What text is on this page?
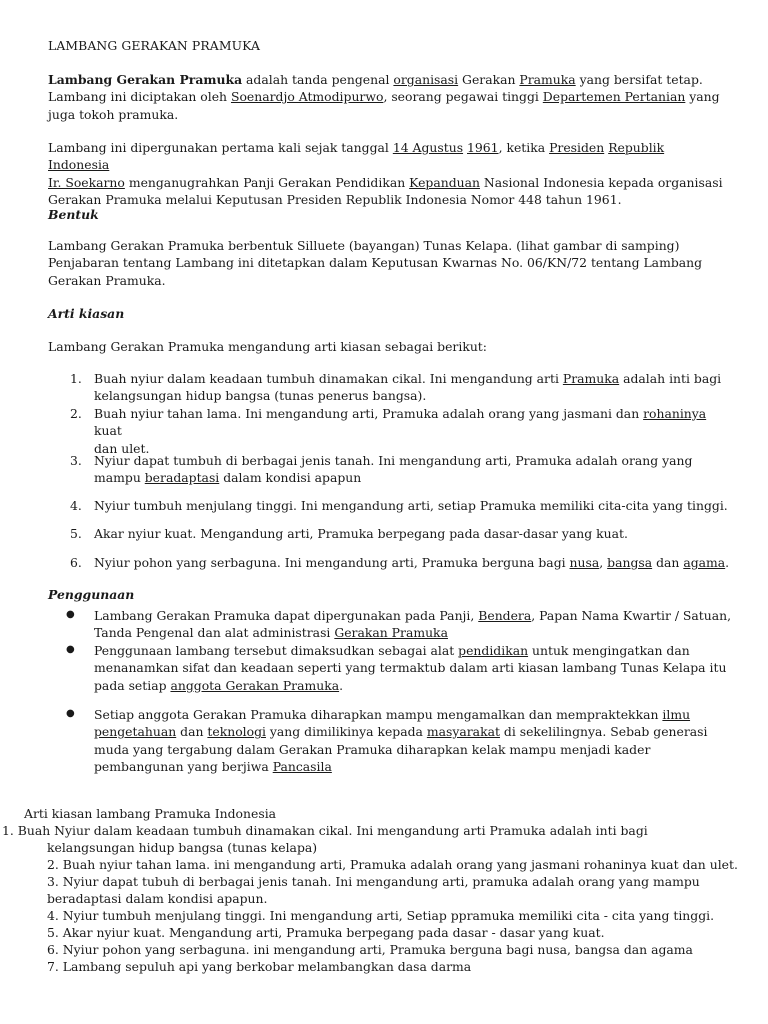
LAMBANG GERAKAN PRAMUKA
Lambang Gerakan Pramuka adalah tanda pengenal organisasi Gerakan Pramuka yang bersifat tetap.
Lambang ini diciptakan oleh Soenardjo Atmodipurwo, seorang pegawai tinggi Departemen Pertanian yang
juga tokoh pramuka.
Lambang ini dipergunakan pertama kali sejak tanggal 14 Agustus 1961, ketika Presiden Republik Indonesia
Ir. Soekarno menganugrahkan Panji Gerakan Pendidikan Kepanduan Nasional Indonesia kepada organisasi
Gerakan Pramuka melalui Keputusan Presiden Republik Indonesia Nomor 448 tahun 1961.
Bentuk
Lambang Gerakan Pramuka berbentuk Silluete (bayangan) Tunas Kelapa. (lihat gambar di samping)
Penjabaran tentang Lambang ini ditetapkan dalam Keputusan Kwarnas No. 06/KN/72 tentang Lambang
Gerakan Pramuka.
Arti kiasan
Lambang Gerakan Pramuka mengandung arti kiasan sebagai berikut:
1. Buah nyiur dalam keadaan tumbuh dinamakan cikal. Ini mengandung arti Pramuka adalah inti bagi
kelangsungan hidup bangsa (tunas penerus bangsa).
2. Buah nyiur tahan lama. Ini mengandung arti, Pramuka adalah orang yang jasmani dan rohaninya kuat
dan ulet.
3. Nyiur dapat tumbuh di berbagai jenis tanah. Ini mengandung arti, Pramuka adalah orang yang
mampu beradaptasi dalam kondisi apapun
4. Nyiur tumbuh menjulang tinggi. Ini mengandung arti, setiap Pramuka memiliki cita-cita yang tinggi.
5. Akar nyiur kuat. Mengandung arti, Pramuka berpegang pada dasar-dasar yang kuat.
6. Nyiur pohon yang serbaguna. Ini mengandung arti, Pramuka berguna bagi nusa, bangsa dan agama.
Penggunaan
● Lambang Gerakan Pramuka dapat dipergunakan pada Panji, Bendera, Papan Nama Kwartir / Satuan,
Tanda Pengenal dan alat administrasi Gerakan Pramuka
● Penggunaan lambang tersebut dimaksudkan sebagai alat pendidikan untuk mengingatkan dan
menanamkan sifat dan keadaan seperti yang termaktub dalam arti kiasan lambang Tunas Kelapa itu
pada setiap anggota Gerakan Pramuka.
● Setiap anggota Gerakan Pramuka diharapkan mampu mengamalkan dan mempraktekkan ilmu
pengetahuan dan teknologi yang dimilikinya kepada masyarakat di sekelilingnya. Sebab generasi
muda yang tergabung dalam Gerakan Pramuka diharapkan kelak mampu menjadi kader
pembangunan yang berjiwa Pancasila
Arti kiasan lambang Pramuka Indonesia
1. Buah Nyiur dalam keadaan tumbuh dinamakan cikal. Ini mengandung arti Pramuka adalah inti bagi
kelangsungan hidup bangsa (tunas kelapa)
2. Buah nyiur tahan lama. ini mengandung arti, Pramuka adalah orang yang jasmani rohaninya kuat dan ulet.
3. Nyiur dapat tubuh di berbagai jenis tanah. Ini mengandung arti, pramuka adalah orang yang mampu
beradaptasi dalam kondisi apapun.
4. Nyiur tumbuh menjulang tinggi. Ini mengandung arti, Setiap ppramuka memiliki cita - cita yang tinggi.
5. Akar nyiur kuat. Mengandung arti, Pramuka berpegang pada dasar - dasar yang kuat.
6. Nyiur pohon yang serbaguna. ini mengandung arti, Pramuka berguna bagi nusa, bangsa dan agama
7. Lambang sepuluh api yang berkobar melambangkan dasa darma
